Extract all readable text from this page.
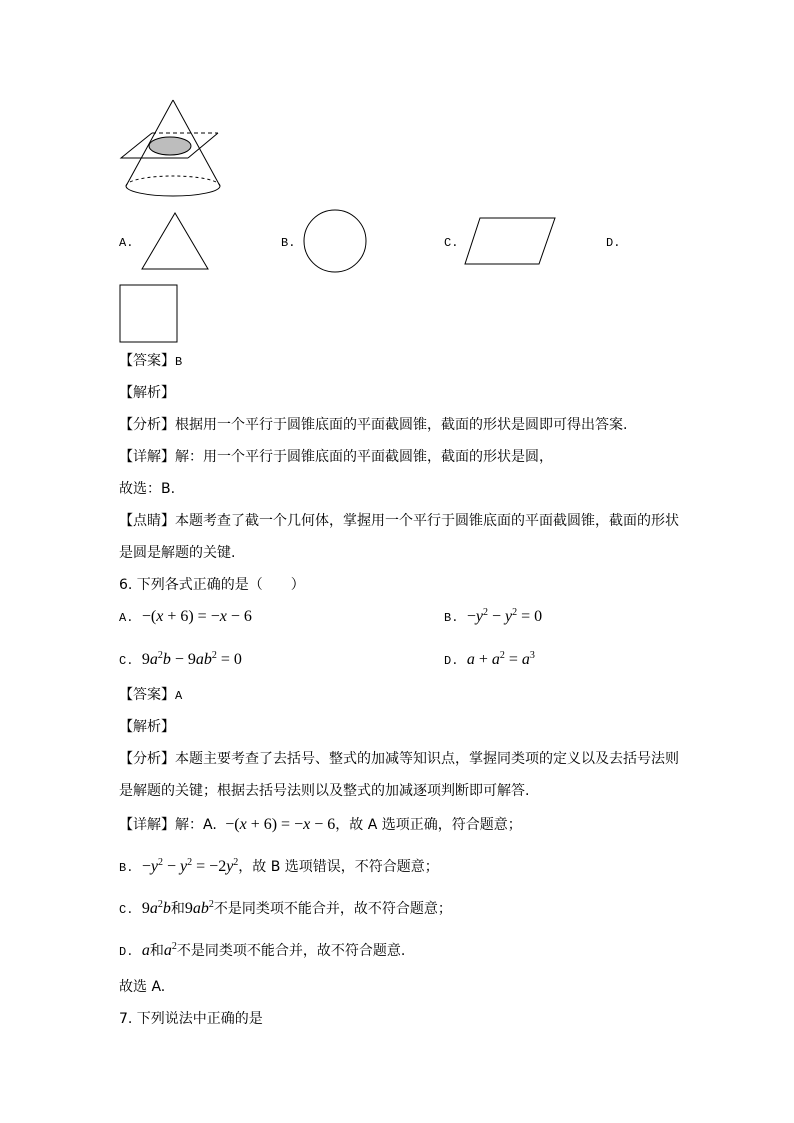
A.	B.	C.	D.
【答案】B
【解析】
【分析】根据用一个平行于圆锥底面的平面截圆锥，截面的形状是圆即可得出答案.
【详解】解：用一个平行于圆锥底面的平面截圆锥，截面的形状是圆，
故选：B.
【点睛】本题考查了截一个几何体，掌握用一个平行于圆锥底面的平面截圆锥，截面的形状
是圆是解题的关键.
6. 下列各式正确的是（　　）
A.  −(x + 6) = −x − 6	B.  $-y^2 - y^2 = 0$
C.  $9a^2b - 9ab^2 = 0$	D. $a + a^2 = a^3$
【答案】A
【解析】
【分析】本题主要考查了去括号、整式的加减等知识点，掌握同类项的定义以及去括号法则
是解题的关键；根据去括号法则以及整式的加减逐项判断即可解答.
【详解】解：A.  −(x + 6) = −x − 6，故 A 选项正确，符合题意；
B.  $-y^2 - y^2 = -2y^2$，故 B 选项错误，不符合题意；
C.  $9a^2b$和$9ab^2$不是同类项不能合并，故不符合题意；
D. a和$a^2$不是同类项不能合并，故不符合题意.
故选 A.
7. 下列说法中正确的是
